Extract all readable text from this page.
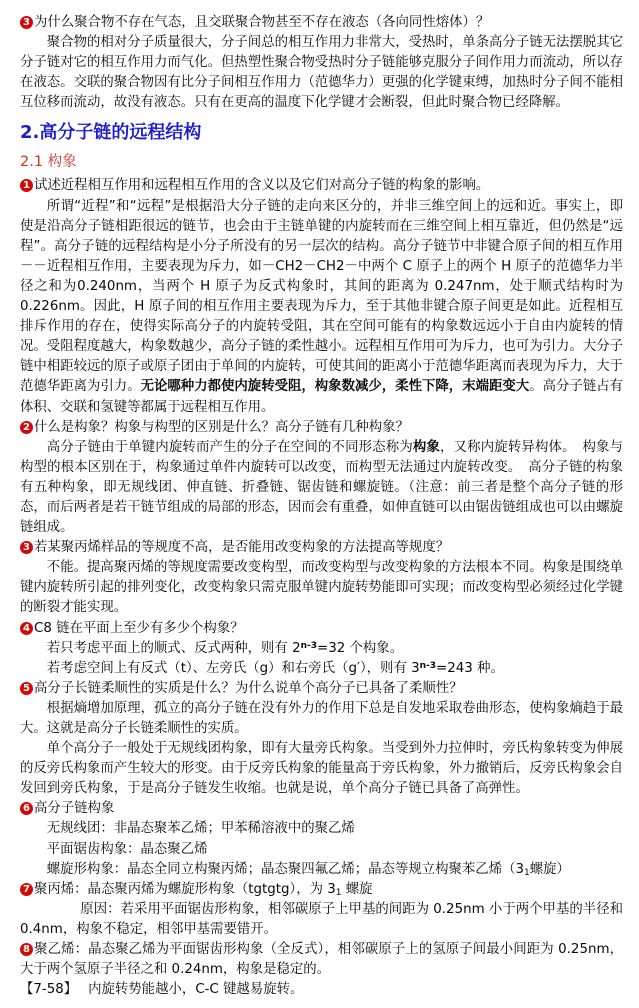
3 为什么聚合物不存在气态，且交联聚合物甚至不存在液态（各向同性熔体）？
聚合物的相对分子质量很大，分子间总的相互作用力非常大，受热时，单条高分子链无法摆脱其它分子链对它的相互作用力而气化。但热塑性聚合物受热时分子链能够克服分子间作用力而流动，所以存在液态。交联的聚合物因有比分子间相互作用力（范德华力）更强的化学键束缚，加热时分子间不能相互位移而流动，故没有液态。只有在更高的温度下化学键才会断裂，但此时聚合物已经降解。
2.高分子链的远程结构
2.1 构象
1 试述近程相互作用和远程相互作用的含义以及它们对高分子链的构象的影响。
所谓“近程”和“远程”是根据沿大分子链的走向来区分的，并非三维空间上的远和近。事实上，即使是沿高分子链相距很远的链节，也会由于主链单键的内旋转而在三维空间上相互靠近，但仍然是“远程”。高分子链的远程结构是小分子所没有的另一层次的结构。高分子链节中非键合原子间的相互作用－－近程相互作用，主要表现为斥力，如－CH2－CH2－中两个 C 原子上的两个 H 原子的范德华力半径之和为0.240nm，当两个 H 原子为反式构象时，其间的距离为 0.247nm，处于顺式结构时为 0.226nm。因此，H 原子间的相互作用主要表现为斥力，至于其他非键合原子间更是如此。近程相互排斥作用的存在，使得实际高分子的内旋转受阻，其在空间可能有的构象数远远小于自由内旋转的情况。受阻程度越大，构象数越少，高分子链的柔性越小。远程相互作用可为斥力，也可为引力。大分子链中相距较远的原子或原子团由于单间的内旋转，可使其间的距离小于范德华距离而表现为斥力，大于范德华距离为引力。无论哪种力都使内旋转受阻，构象数减少，柔性下降，末端距变大。高分子链占有体积、交联和氢键等都属于远程相互作用。
2 什么是构象？构象与构型的区别是什么？高分子链有几种构象？
高分子链由于单键内旋转而产生的分子在空间的不同形态称为构象，又称内旋转异构体。　构象与构型的根本区别在于，构象通过单件内旋转可以改变，而构型无法通过内旋转改变。　高分子链的构象有五种构象，即无规线团、伸直链、折叠链、锯齿链和螺旋链。（注意：前三者是整个高分子链的形态，而后两者是若干链节组成的局部的形态，因而会有重叠，如伸直链可以由锯齿链组成也可以由螺旋链组成。
3 若某聚丙烯样品的等规度不高，是否能用改变构象的方法提高等规度？
不能。提高聚丙烯的等规度需要改变构型，而改变构型与改变构象的方法根本不同。构象是围绕单键内旋转所引起的排列变化，改变构象只需克服单键内旋转势能即可实现；而改变构型必须经过化学键的断裂才能实现。
4 C8 链在平面上至少有多少个构象？
若只考虑平面上的顺式、反式两种，则有 $2^{n-3}=32$ 个构象。
若考虑空间上有反式（t）、左旁氏（g）和右旁氏（g′），则有 $3^{n-3}=243$ 种。
5 高分子长链柔顺性的实质是什么？为什么说单个高分子已具备了柔顺性？
根据熵增加原理，孤立的高分子链在没有外力的作用下总是自发地采取卷曲形态，使构象熵趋于最大。这就是高分子长链柔顺性的实质。
单个高分子一般处于无规线团构象，即有大量旁氏构象。当受到外力拉伸时，旁氏构象转变为伸展的反旁氏构象而产生较大的形变。由于反旁氏构象的能量高于旁氏构象，外力撤销后，反旁氏构象会自发回到旁氏构象，于是高分子链发生收缩。也就是说，单个高分子链已具备了高弹性。
6 高分子链构象
无规线团：非晶态聚苯乙烯；甲苯稀溶液中的聚乙烯
平面锯齿构象：晶态聚乙烯
螺旋形构象：晶态全同立构聚丙烯；晶态聚四氟乙烯；晶态等规立构聚苯乙烯（$3_1$螺旋）
7 聚丙烯：晶态聚丙烯为螺旋形构象（tgtgtg），为 $3_1$ 螺旋
原因：若采用平面锯齿形构象，相邻碳原子上甲基的间距为 0.25nm 小于两个甲基的半径和0.4nm，构象不稳定，相邻甲基需要错开。
8 聚乙烯：晶态聚乙烯为平面锯齿形构象（全反式），相邻碳原子上的氢原子间最小间距为 0.25nm，大于两个氢原子半径之和 0.24nm，构象是稳定的。
【7-58】　 内旋转势能越小，C-C 键越易旋转。
